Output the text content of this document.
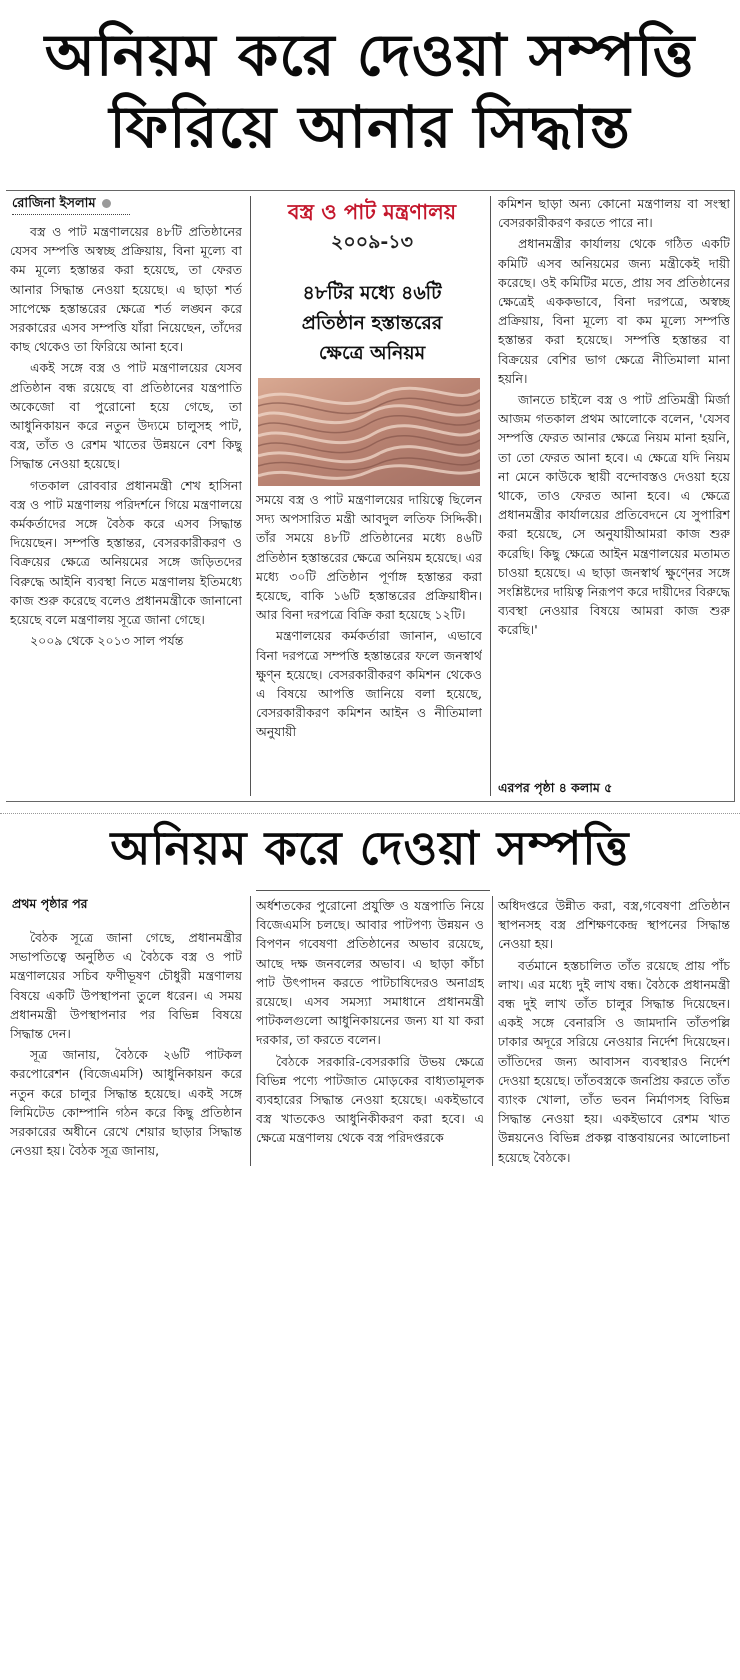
অনিয়ম করে দেওয়া সম্পত্তি
ফিরিয়ে আনার সিদ্ধান্ত
রোজিনা ইসলাম

বস্ত্র ও পাট মন্ত্রণালয়ের ৪৮টি প্রতিষ্ঠানের যেসব সম্পত্তি অস্বচ্ছ প্রক্রিয়ায়, বিনা মূল্যে বা কম মূল্যে হস্তান্তর করা হয়েছে, তা ফেরত আনার সিদ্ধান্ত নেওয়া হয়েছে। এ ছাড়া শর্ত সাপেক্ষে হস্তান্তরের ক্ষেত্রে শর্ত লঙ্ঘন করে সরকারের এসব সম্পত্তি যাঁরা নিয়েছেন, তাঁদের কাছ থেকেও তা ফিরিয়ে আনা হবে।

একই সঙ্গে বস্ত্র ও পাট মন্ত্রণালয়ের যেসব প্রতিষ্ঠান বন্ধ রয়েছে বা প্রতিষ্ঠানের যন্ত্রপাতি অকেজো বা পুরোনো হয়ে গেছে, তা আধুনিকায়ন করে নতুন উদ্যমে চালুসহ পাট, বস্ত্র, তাঁত ও রেশম খাতের উন্নয়নে বেশ কিছু সিদ্ধান্ত নেওয়া হয়েছে।

গতকাল রোববার প্রধানমন্ত্রী শেখ হাসিনা বস্ত্র ও পাট মন্ত্রণালয় পরিদর্শনে গিয়ে মন্ত্রণালয়ে কর্মকর্তাদের সঙ্গে বৈঠক করে এসব সিদ্ধান্ত দিয়েছেন। সম্পত্তি হস্তান্তর, বেসরকারীকরণ ও বিক্রয়ের ক্ষেত্রে অনিয়মের সঙ্গে জড়িতদের বিরুদ্ধে আইনি ব্যবস্থা নিতে মন্ত্রণালয় ইতিমধ্যে কাজ শুরু করেছে বলেও প্রধানমন্ত্রীকে জানানো হয়েছে বলে মন্ত্রণালয় সূত্রে জানা গেছে।

২০০৯ থেকে ২০১৩ সাল পর্যন্ত

বস্ত্র ও পাট মন্ত্রণালয়
২০০৯-১৩
৪৮টির মধ্যে ৪৬টি
প্রতিষ্ঠান হস্তান্তরের
ক্ষেত্রে অনিয়ম

সময়ে বস্ত্র ও পাট মন্ত্রণালয়ের দায়িত্বে ছিলেন সদ্য অপসারিত মন্ত্রী আবদুল লতিফ সিদ্দিকী। তাঁর সময়ে ৪৮টি প্রতিষ্ঠানের মধ্যে ৪৬টি প্রতিষ্ঠান হস্তান্তরের ক্ষেত্রে অনিয়ম হয়েছে। এর মধ্যে ৩০টি প্রতিষ্ঠান পূর্ণাঙ্গ হস্তান্তর করা হয়েছে, বাকি ১৬টি হস্তান্তরের প্রক্রিয়াধীন। আর বিনা দরপত্রে বিক্রি করা হয়েছে ১২টি।

মন্ত্রণালয়ের কর্মকর্তারা জানান, এভাবে বিনা দরপত্রে সম্পত্তি হস্তান্তরের ফলে জনস্বার্থ ক্ষুণ্ন হয়েছে। বেসরকারীকরণ কমিশন থেকেও এ বিষয়ে আপত্তি জানিয়ে বলা হয়েছে, বেসরকারীকরণ কমিশন আইন ও নীতিমালা অনুযায়ী

কমিশন ছাড়া অন্য কোনো মন্ত্রণালয় বা সংস্থা বেসরকারীকরণ করতে পারে না।

প্রধানমন্ত্রীর কার্যালয় থেকে গঠিত একটি কমিটি এসব অনিয়মের জন্য মন্ত্রীকেই দায়ী করেছে। ওই কমিটির মতে, প্রায় সব প্রতিষ্ঠানের ক্ষেত্রেই এককভাবে, বিনা দরপত্রে, অস্বচ্ছ প্রক্রিয়ায়, বিনা মূল্যে বা কম মূল্যে সম্পত্তি হস্তান্তর করা হয়েছে। সম্পত্তি হস্তান্তর বা বিক্রয়ের বেশির ভাগ ক্ষেত্রে নীতিমালা মানা হয়নি।

জানতে চাইলে বস্ত্র ও পাট প্রতিমন্ত্রী মির্জা আজম গতকাল প্রথম আলোকে বলেন, 'যেসব সম্পত্তি ফেরত আনার ক্ষেত্রে নিয়ম মানা হয়নি, তা তো ফেরত আনা হবে। এ ক্ষেত্রে যদি নিয়ম না মেনে কাউকে স্থায়ী বন্দোবস্তও দেওয়া হয়ে থাকে, তাও ফেরত আনা হবে। এ ক্ষেত্রে প্রধানমন্ত্রীর কার্যালয়ের প্রতিবেদনে যে সুপারিশ করা হয়েছে, সে অনুযায়ীআমরা কাজ শুরু করেছি। কিছু ক্ষেত্রে আইন মন্ত্রণালয়ের মতামত চাওয়া হয়েছে। এ ছাড়া জনস্বার্থ ক্ষুণ্নের সঙ্গে সংশ্লিষ্টদের দায়িত্ব নিরূপণ করে দায়ীদের বিরুদ্ধে ব্যবস্থা নেওয়ার বিষয়ে আমরা কাজ শুরু করেছি।'

এরপর পৃষ্ঠা ৪ কলাম ৫
অনিয়ম করে দেওয়া সম্পত্তি
প্রথম পৃষ্ঠার পর

বৈঠক সূত্রে জানা গেছে, প্রধানমন্ত্রীর সভাপতিত্বে অনুষ্ঠিত এ বৈঠকে বস্ত্র ও পাট মন্ত্রণালয়ের সচিব ফণীভূষণ চৌধুরী মন্ত্রণালয় বিষয়ে একটি উপস্থাপনা তুলে ধরেন। এ সময় প্রধানমন্ত্রী উপস্থাপনার পর বিভিন্ন বিষয়ে সিদ্ধান্ত দেন।

সূত্র জানায়, বৈঠকে ২৬টি পাটকল করপোরেশন (বিজেএমসি) আধুনিকায়ন করে নতুন করে চালুর সিদ্ধান্ত হয়েছে। একই সঙ্গে লিমিটেড কোম্পানি গঠন করে কিছু প্রতিষ্ঠান সরকারের অধীনে রেখে শেয়ার ছাড়ার সিদ্ধান্ত নেওয়া হয়। বৈঠক সূত্র জানায়,

অর্ধশতকের পুরোনো প্রযুক্তি ও যন্ত্রপাতি নিয়ে বিজেএমসি চলছে। আবার পাটপণ্য উন্নয়ন ও বিপণন গবেষণা প্রতিষ্ঠানের অভাব রয়েছে, আছে দক্ষ জনবলের অভাব। এ ছাড়া কাঁচা পাট উৎপাদন করতে পাটচাষিদেরও অনাগ্রহ রয়েছে। এসব সমস্যা সমাধানে প্রধানমন্ত্রী পাটকলগুলো আধুনিকায়নের জন্য যা যা করা দরকার, তা করতে বলেন।

বৈঠকে সরকারি-বেসরকারি উভয় ক্ষেত্রে বিভিন্ন পণ্যে পাটজাত মোড়কের বাধ্যতামূলক ব্যবহারের সিদ্ধান্ত নেওয়া হয়েছে। একইভাবে বস্ত্র খাতকেও আধুনিকীকরণ করা হবে। এ ক্ষেত্রে মন্ত্রণালয় থেকে বস্ত্র পরিদপ্তরকে

অধিদপ্তরে উন্নীত করা, বস্ত্র,গবেষণা প্রতিষ্ঠান স্থাপনসহ বস্ত্র প্রশিক্ষণকেন্দ্র স্থাপনের সিদ্ধান্ত নেওয়া হয়।

বর্তমানে হস্তচালিত তাঁত রয়েছে প্রায় পাঁচ লাখ। এর মধ্যে দুই লাখ বন্ধ। বৈঠকে প্রধানমন্ত্রী বন্ধ দুই লাখ তাঁত চালুর সিদ্ধান্ত দিয়েছেন। একই সঙ্গে বেনারসি ও জামদানি তাঁতপল্লি ঢাকার অদূরে সরিয়ে নেওয়ার নির্দেশ দিয়েছেন। তাঁতিদের জন্য আবাসন ব্যবস্থারও নির্দেশ দেওয়া হয়েছে। তাঁতবস্ত্রকে জনপ্রিয় করতে তাঁত ব্যাংক খোলা, তাঁত ভবন নির্মাণসহ বিভিন্ন সিদ্ধান্ত নেওয়া হয়। একইভাবে রেশম খাত উন্নয়নেও বিভিন্ন প্রকল্প বাস্তবায়নের আলোচনা হয়েছে বৈঠকে।
